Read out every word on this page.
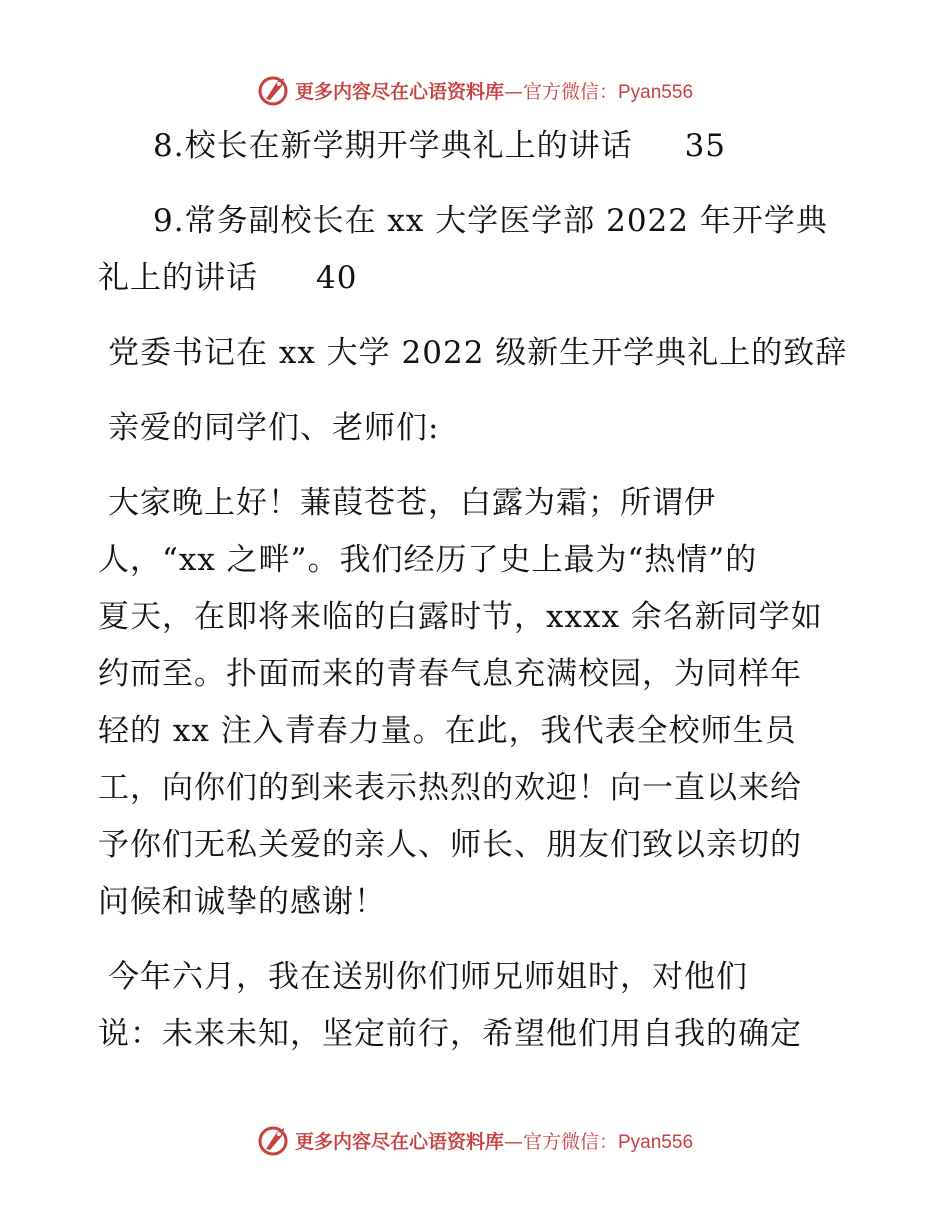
更多内容尽在心语资料库—官方微信：Pyan556
8.校长在新学期开学典礼上的讲话 35
9.常务副校长在 xx 大学医学部 2022 年开学典
礼上的讲话 40
党委书记在 xx 大学 2022 级新生开学典礼上的致辞
亲爱的同学们、老师们:
大家晚上好！蒹葭苍苍，白露为霜；所谓伊
人，“xx 之畔”。我们经历了史上最为“热情”的
夏天，在即将来临的白露时节，xxxx 余名新同学如
约而至。扑面而来的青春气息充满校园，为同样年
轻的 xx 注入青春力量。在此，我代表全校师生员
工，向你们的到来表示热烈的欢迎！向一直以来给
予你们无私关爱的亲人、师长、朋友们致以亲切的
问候和诚挚的感谢！
今年六月，我在送别你们师兄师姐时，对他们
说：未来未知，坚定前行，希望他们用自我的确定
更多内容尽在心语资料库—官方微信：Pyan556
